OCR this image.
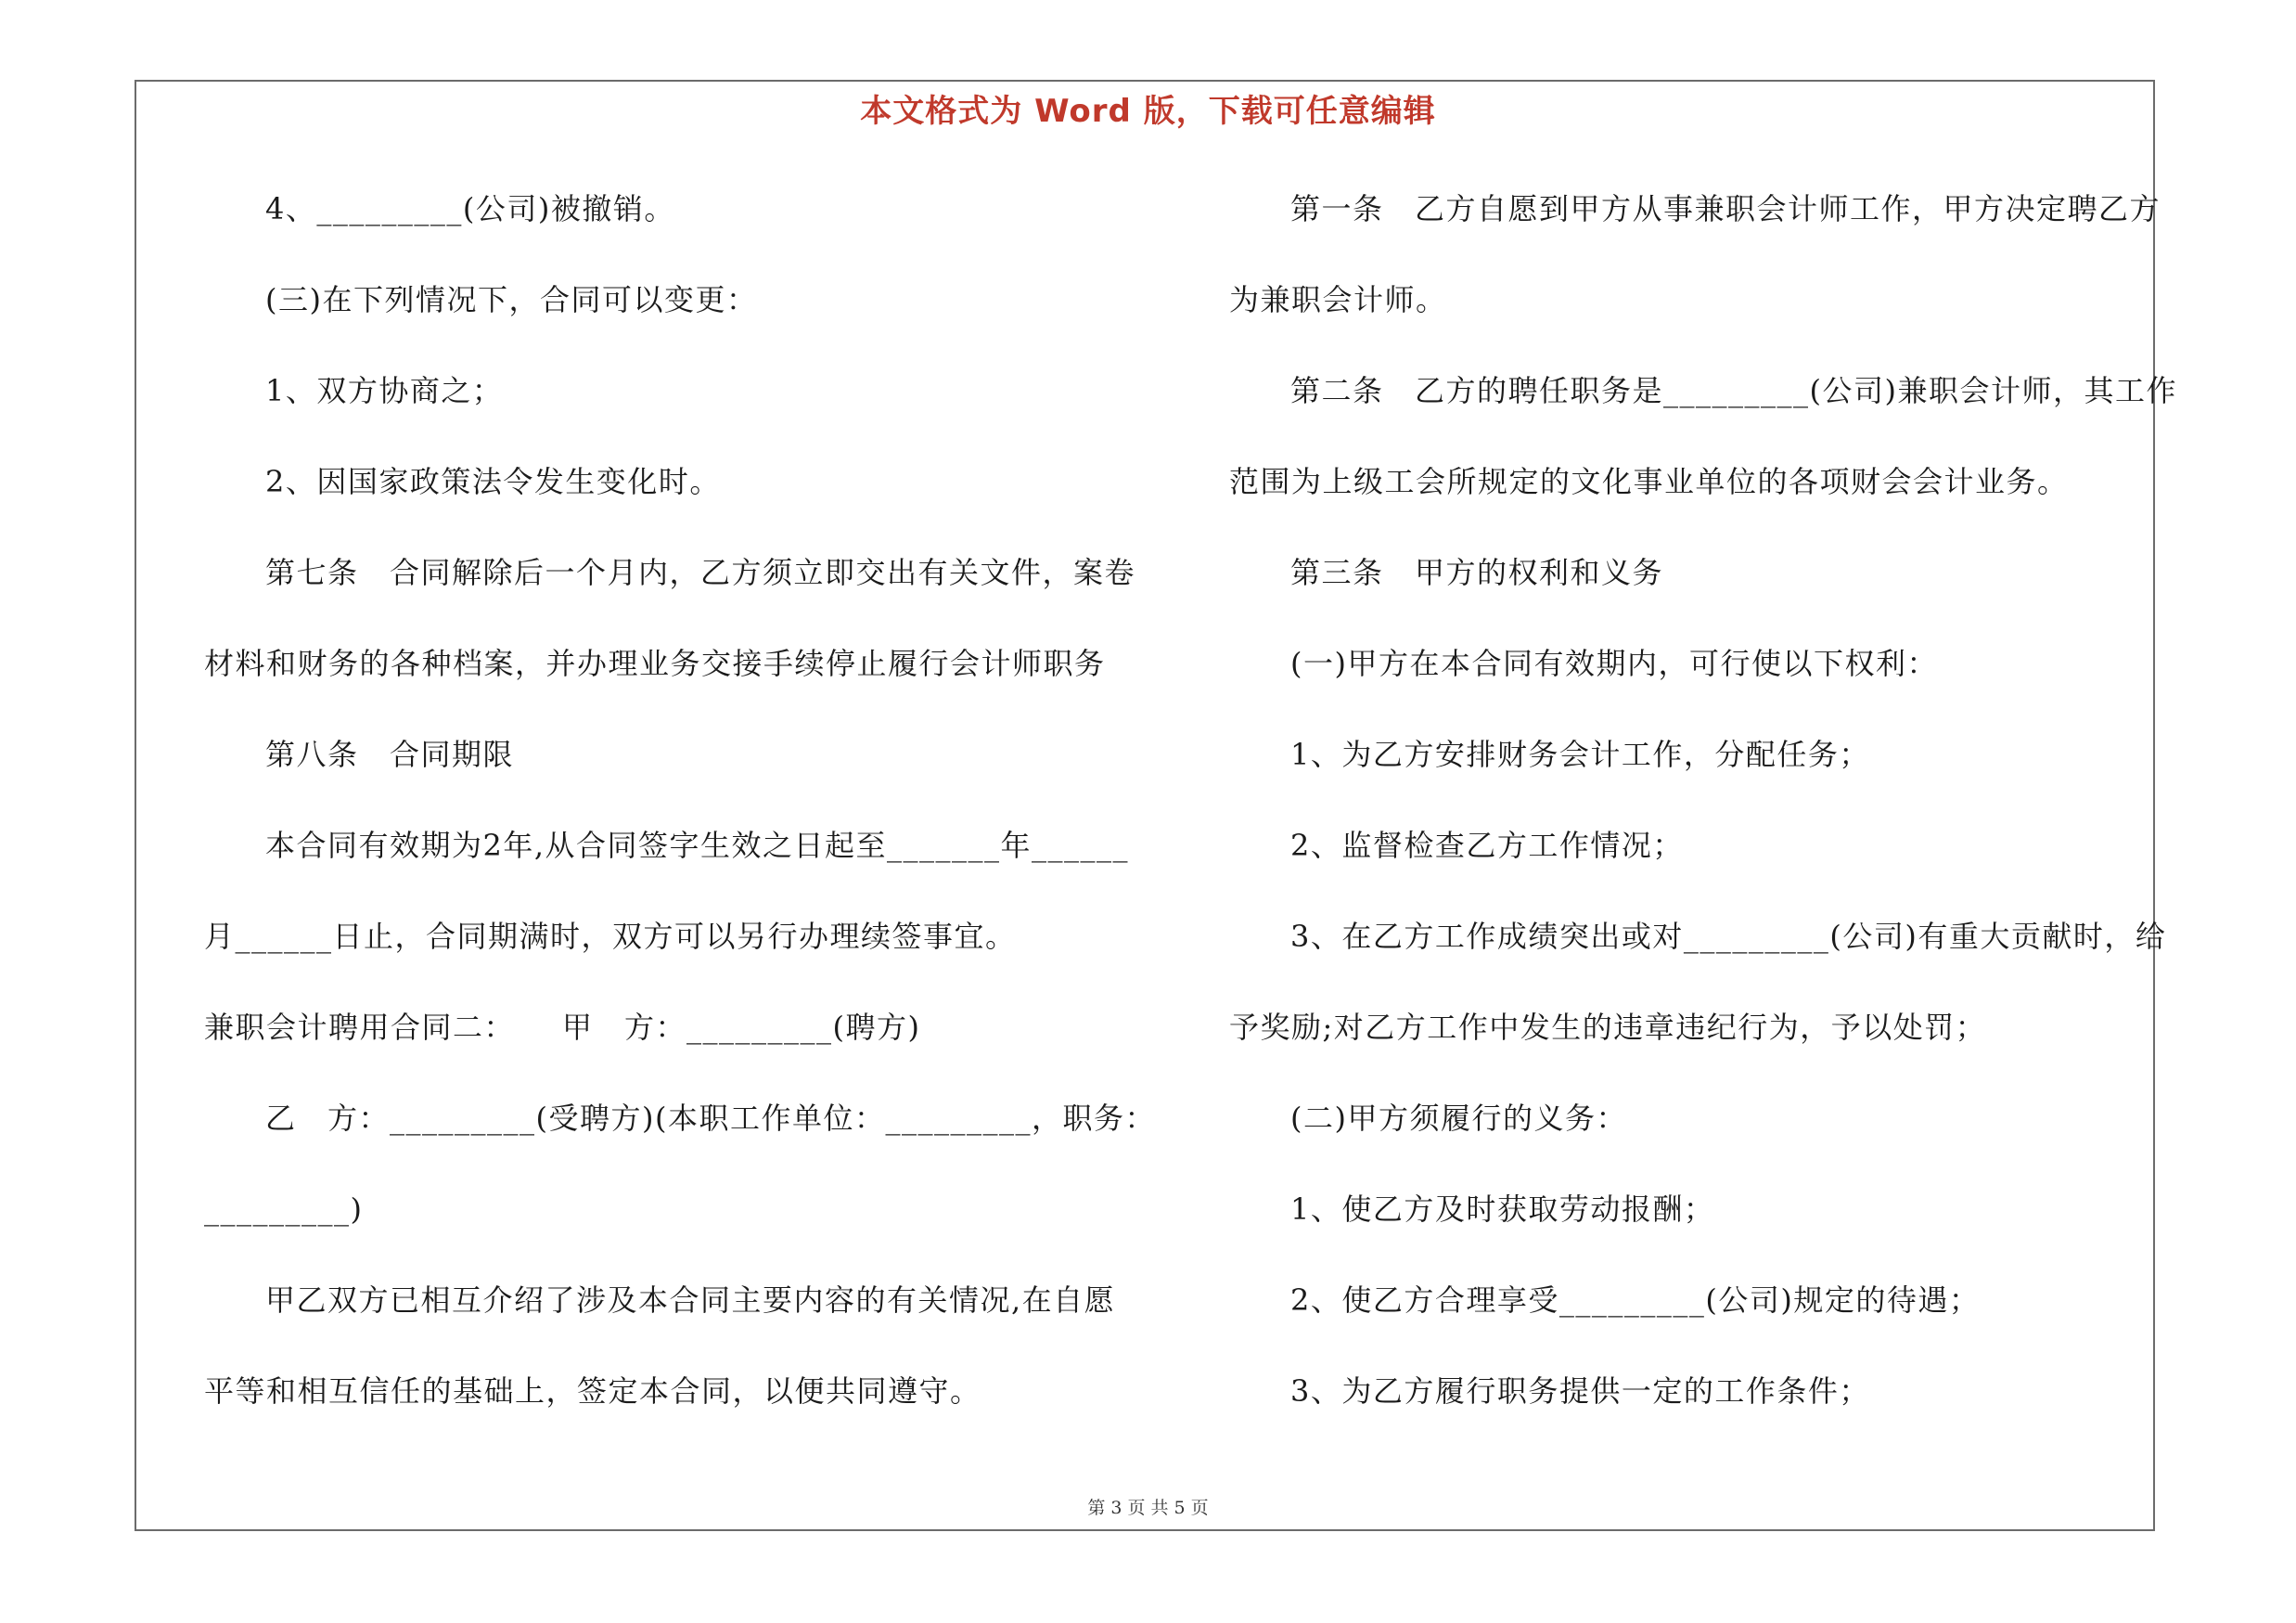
本文格式为 Word 版，下载可任意编辑
4、_________(公司)被撤销。
(三)在下列情况下，合同可以变更：
1、双方协商之；
2、因国家政策法令发生变化时。
第七条　合同解除后一个月内，乙方须立即交出有关文件，案卷
材料和财务的各种档案，并办理业务交接手续停止履行会计师职务
第八条　合同期限
本合同有效期为2年,从合同签字生效之日起至_______年______
月______日止，合同期满时，双方可以另行办理续签事宜。
兼职会计聘用合同二：　　甲　方：_________(聘方)
乙　方：_________(受聘方)(本职工作单位：_________，职务：
_________)
甲乙双方已相互介绍了涉及本合同主要内容的有关情况,在自愿
平等和相互信任的基础上，签定本合同，以便共同遵守。
第一条　乙方自愿到甲方从事兼职会计师工作，甲方决定聘乙方
为兼职会计师。
第二条　乙方的聘任职务是_________(公司)兼职会计师，其工作
范围为上级工会所规定的文化事业单位的各项财会会计业务。
第三条　甲方的权利和义务
(一)甲方在本合同有效期内，可行使以下权利：
1、为乙方安排财务会计工作，分配任务；
2、监督检查乙方工作情况；
3、在乙方工作成绩突出或对_________(公司)有重大贡献时，给
予奖励;对乙方工作中发生的违章违纪行为，予以处罚；
(二)甲方须履行的义务：
1、使乙方及时获取劳动报酬；
2、使乙方合理享受_________(公司)规定的待遇；
3、为乙方履行职务提供一定的工作条件；
第 3 页 共 5 页
